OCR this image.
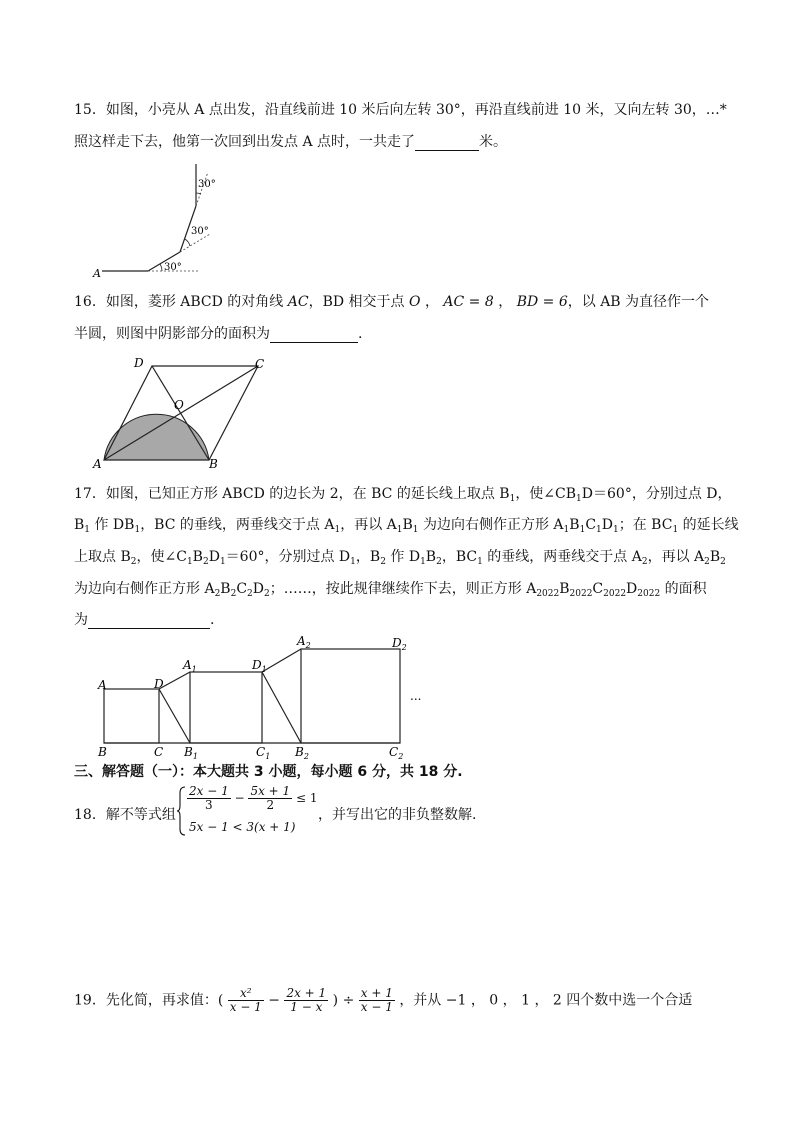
15．如图，小亮从 A 点出发，沿直线前进 10 米后向左转 30°，再沿直线前进 10 米，又向左转 30，…*
照这样走下去，他第一次回到出发点 A 点时，一共走了	米。
A	30°
30°
30°
16．如图，菱形 ABCD 的对角线 AC，BD 相交于点 O ， AC = 8 ， BD = 6，以 AB 为直径作一个
半圆，则图中阴影部分的面积为	.
A	B
C
D
O
17．如图，已知正方形 ABCD 的边长为 2，在 BC 的延长线上取点 $B_1$，使$\angle CB_1D=60^\circ$，分别过点 D，
$B_1$ 作 $DB_1$，BC 的垂线，两垂线交于点 $A_1$，再以 $A_1B_1$ 为边向右侧作正方形 $A_1B_1C_1D_1$；在 $BC_1$ 的延长线
上取点 $B_2$，使$\angle C_1B_2D_1=60^\circ$，分别过点 $D_1$，$B_2$ 作 $D_1B_2$，$BC_1$ 的垂线，两垂线交于点 $A_2$，再以 $A_2B_2$
为边向右侧作正方形 $A_2B_2C_2D_2$；……，按此规律继续作下去，则正方形 $A_{2022}B_{2022}C_{2022}D_{2022}$ 的面积
为	.
A
B	C
D
$A_1$
$B_1$	$C_1$
$D_1$
$A_2$
$B_2$	$C_2$
$D_2$
...
三、解答题（一）：本大题共 3 小题，每小题 6 分，共 18 分.
18．解不等式组
$\frac{2x - 1}{3} - \frac{5x + 1}{2} \le 1$
5x − 1 < 3(x + 1)
，并写出它的非负整数解.
19．先化简，再求值：( $\frac{\text{x²}}{x - 1} - \frac{2x + 1}{1 - x}$ ) ÷ $\frac{x + 1}{x - 1}$ ，并从 −1 ， 0 ， 1 ， 2 四个数中选一个合适
